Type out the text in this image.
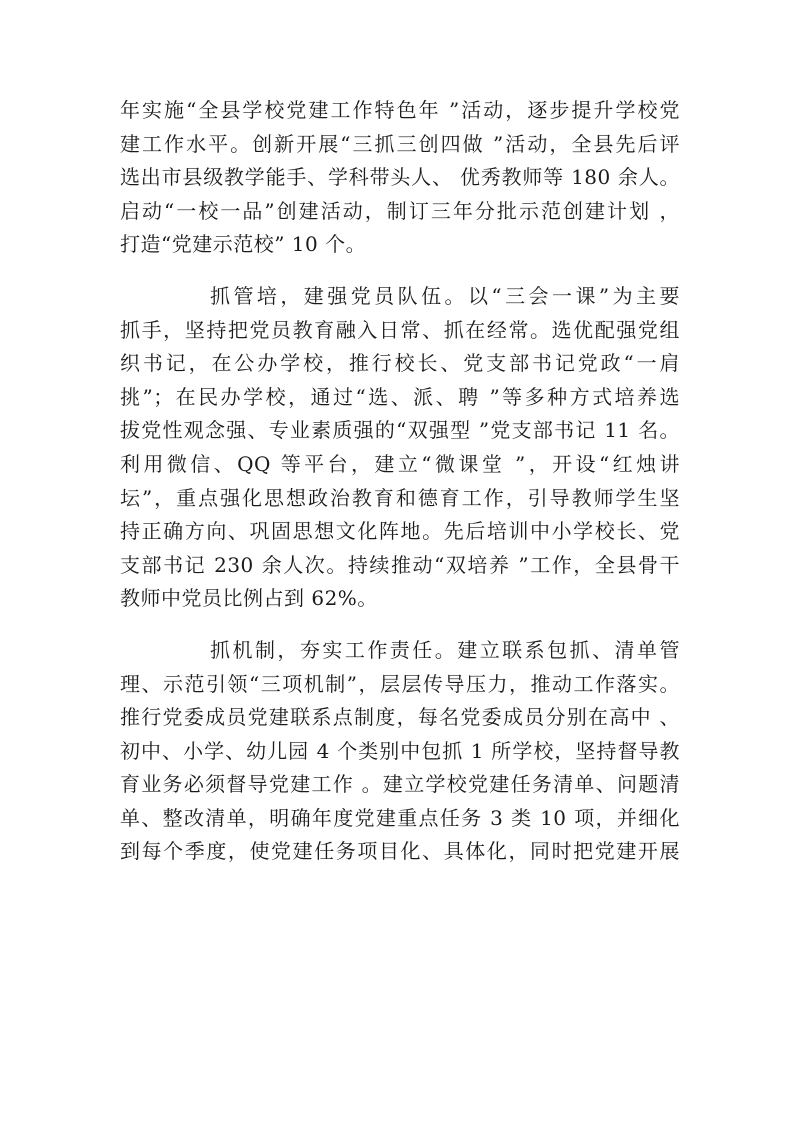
年实施“全县学校党建工作特色年 ”活动，逐步提升学校党
建工作水平。创新开展“三抓三创四做 ”活动，全县先后评
选出市县级教学能手、学科带头人、 优秀教师等 180 余人。
启动“一校一品”创建活动，制订三年分批示范创建计划 ，
打造“党建示范校” 10 个。
抓管培，建强党员队伍。以“三会一课”为主要
抓手，坚持把党员教育融入日常、抓在经常。选优配强党组
织书记，在公办学校，推行校长、党支部书记党政“一肩
挑”；在民办学校，通过“选、派、聘 ”等多种方式培养选
拔党性观念强、专业素质强的“双强型 ”党支部书记 11 名。
利用微信、QQ 等平台，建立“微课堂 ”，开设“红烛讲
坛”，重点强化思想政治教育和德育工作，引导教师学生坚
持正确方向、巩固思想文化阵地。先后培训中小学校长、党
支部书记 230 余人次。持续推动“双培养 ”工作，全县骨干
教师中党员比例占到 62%。
抓机制，夯实工作责任。建立联系包抓、清单管
理、示范引领“三项机制”，层层传导压力，推动工作落实。
推行党委成员党建联系点制度，每名党委成员分别在高中 、
初中、小学、幼儿园 4 个类别中包抓 1 所学校，坚持督导教
育业务必须督导党建工作 。建立学校党建任务清单、问题清
单、整改清单，明确年度党建重点任务 3 类 10 项，并细化
到每个季度，使党建任务项目化、具体化，同时把党建开展
